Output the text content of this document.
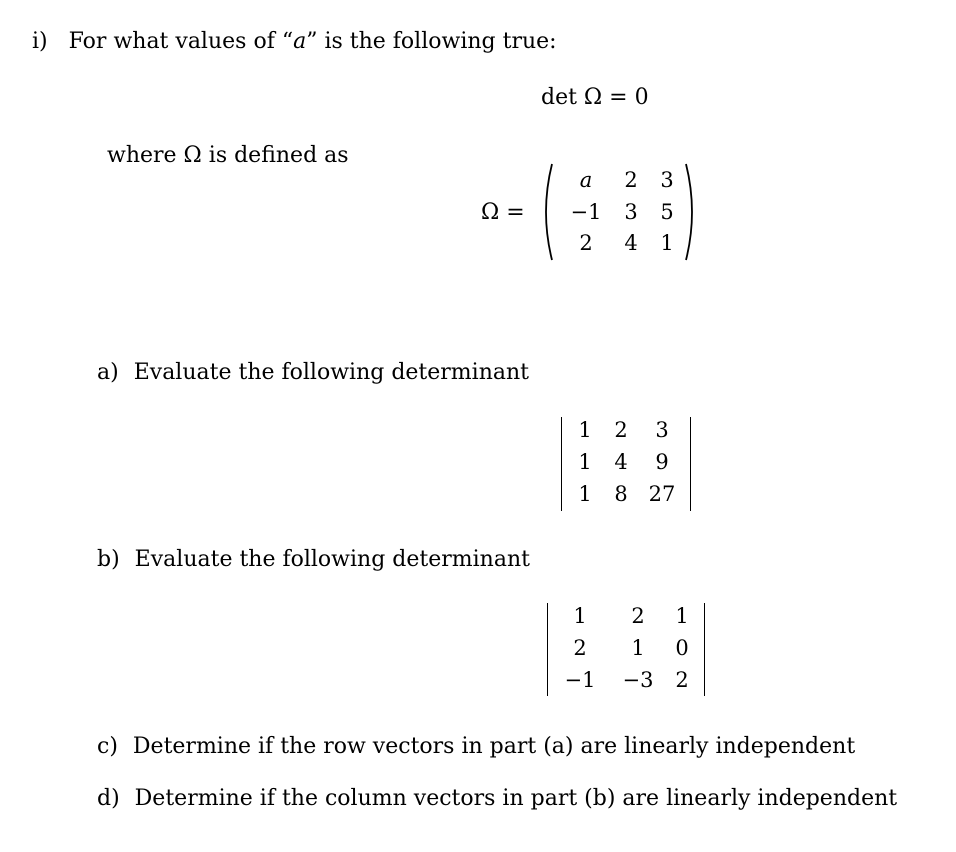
i) For what values of “a” is the following true:
det Ω = 0
where Ω is defined as
Ω =
a 2 3
−1 3 5
2 4 1
a) Evaluate the following determinant
1 2 3
1 4 9
1 8 27
b) Evaluate the following determinant
1 2 1
2 1 0
−1 −3 2
c) Determine if the row vectors in part (a) are linearly independent
d) Determine if the column vectors in part (b) are linearly independent
